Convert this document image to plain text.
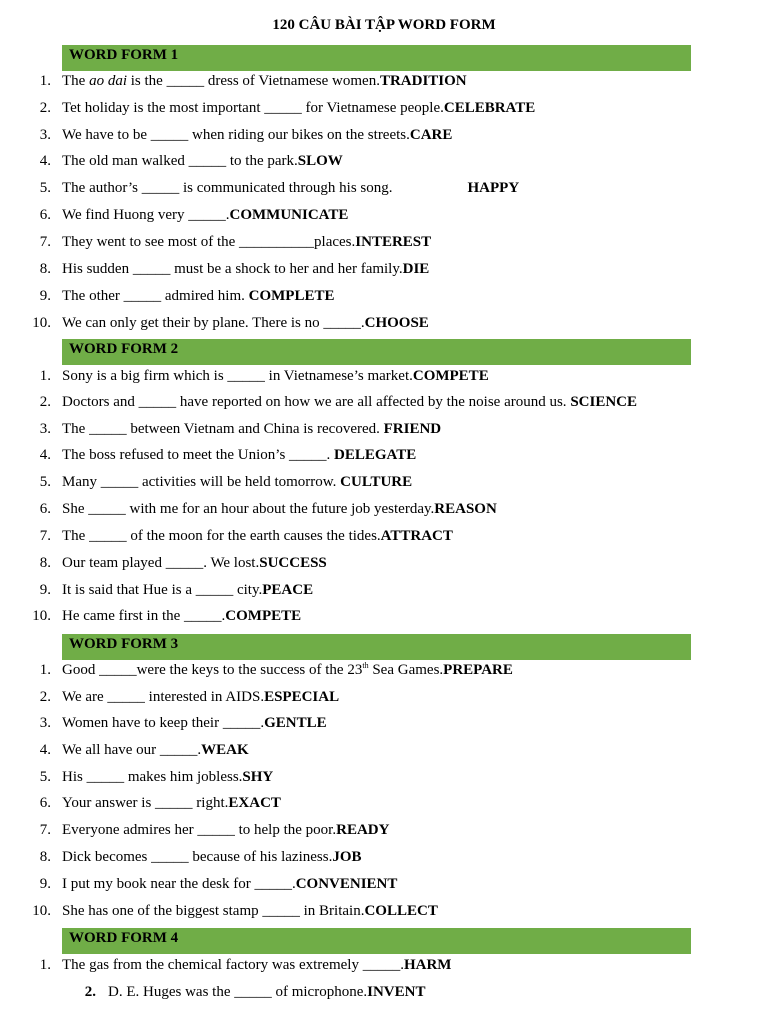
120 CÂU BÀI TẬP WORD FORM
WORD FORM 1
1. The ao dai is the _____ dress of Vietnamese women.TRADITION
2. Tet holiday is the most important _____ for Vietnamese people.CELEBRATE
3. We have to be _____ when riding our bikes on the streets.CARE
4. The old man walked _____ to the park.SLOW
5. The author’s _____ is communicated through his song.	HAPPY
6. We find Huong very _____.COMMUNICATE
7. They went to see most of the __________places.INTEREST
8. His sudden _____ must be a shock to her and her family.DIE
9. The other _____ admired him. COMPLETE
10. We can only get their by plane. There is no _____.CHOOSE
WORD FORM 2
1. Sony is a big firm which is _____ in Vietnamese’s market.COMPETE
2. Doctors and _____ have reported on how we are all affected by the noise around us. SCIENCE
3. The _____ between Vietnam and China is recovered. FRIEND
4. The boss refused to meet the Union’s _____. DELEGATE
5. Many _____ activities will be held tomorrow. CULTURE
6. She _____ with me for an hour about the future job yesterday.REASON
7. The _____ of the moon for the earth causes the tides.ATTRACT
8. Our team played _____. We lost.SUCCESS
9. It is said that Hue is a _____ city.PEACE
10. He came first in the _____.COMPETE
WORD FORM 3
1. Good _____were the keys to the success of the 23th Sea Games.PREPARE
2. We are _____ interested in AIDS.ESPECIAL
3. Women have to keep their _____.GENTLE
4. We all have our _____.WEAK
5. His _____ makes him jobless.SHY
6. Your answer is _____ right.EXACT
7. Everyone admires her _____ to help the poor.READY
8. Dick becomes _____ because of his laziness.JOB
9. I put my book near the desk for _____.CONVENIENT
10. She has one of the biggest stamp _____ in Britain.COLLECT
WORD FORM 4
1. The gas from the chemical factory was extremely _____.HARM
2. D. E. Huges was the _____ of microphone.INVENT
